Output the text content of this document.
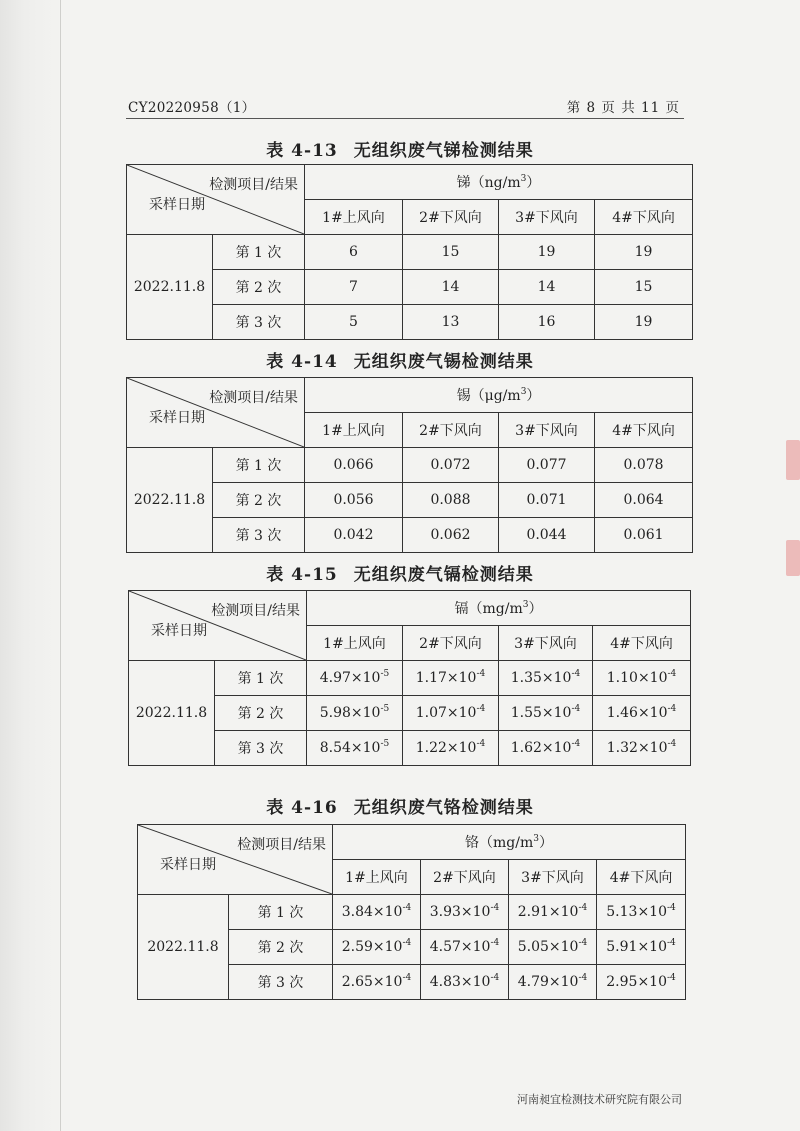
CY20220958（1）	第 8 页 共 11 页
表 4-13 无组织废气锑检测结果
检测项目/结果
采样日期		锑$(ng/m^3)$			
		1#上风向	2#下风向	3#下风向	4#下风向
2022.11.8	第 1 次	6	15	19	19
	第 2 次	7	14	14	15
	第 3 次	5	13	16	19
表 4-14 无组织废气锡检测结果
检测项目/结果
采样日期		锡$(\mu g/m^3)$			
		1#上风向	2#下风向	3#下风向	4#下风向
2022.11.8	第 1 次	0.066	0.072	0.077	0.078
	第 2 次	0.056	0.088	0.071	0.064
	第 3 次	0.042	0.062	0.044	0.061
表 4-15 无组织废气镉检测结果
检测项目/结果
采样日期		镉$(mg/m^3)$			
		1#上风向	2#下风向	3#下风向	4#下风向
2022.11.8	第 1 次	$4.97\times 10^{-5}$	$1.17\times 10^{-4}$	$1.35\times 10^{-4}$	$1.10\times 10^{-4}$
	第 2 次	$5.98\times 10^{-5}$	$1.07\times 10^{-4}$	$1.55\times 10^{-4}$	$1.46\times 10^{-4}$
	第 3 次	$8.54\times 10^{-5}$	$1.22\times 10^{-4}$	$1.62\times 10^{-4}$	$1.32\times 10^{-4}$
表 4-16 无组织废气铬检测结果
检测项目/结果
采样日期		铬$(mg/m^3)$			
		1#上风向	2#下风向	3#下风向	4#下风向
2022.11.8	第 1 次	$3.84\times 10^{-4}$	$3.93\times 10^{-4}$	$2.91\times 10^{-4}$	$5.13\times 10^{-4}$
	第 2 次	$2.59\times 10^{-4}$	$4.57\times 10^{-4}$	$5.05\times 10^{-4}$	$5.91\times 10^{-4}$
	第 3 次	$2.65\times 10^{-4}$	$4.83\times 10^{-4}$	$4.79\times 10^{-4}$	$2.95\times 10^{-4}$
河南昶宜检测技术研究院有限公司
